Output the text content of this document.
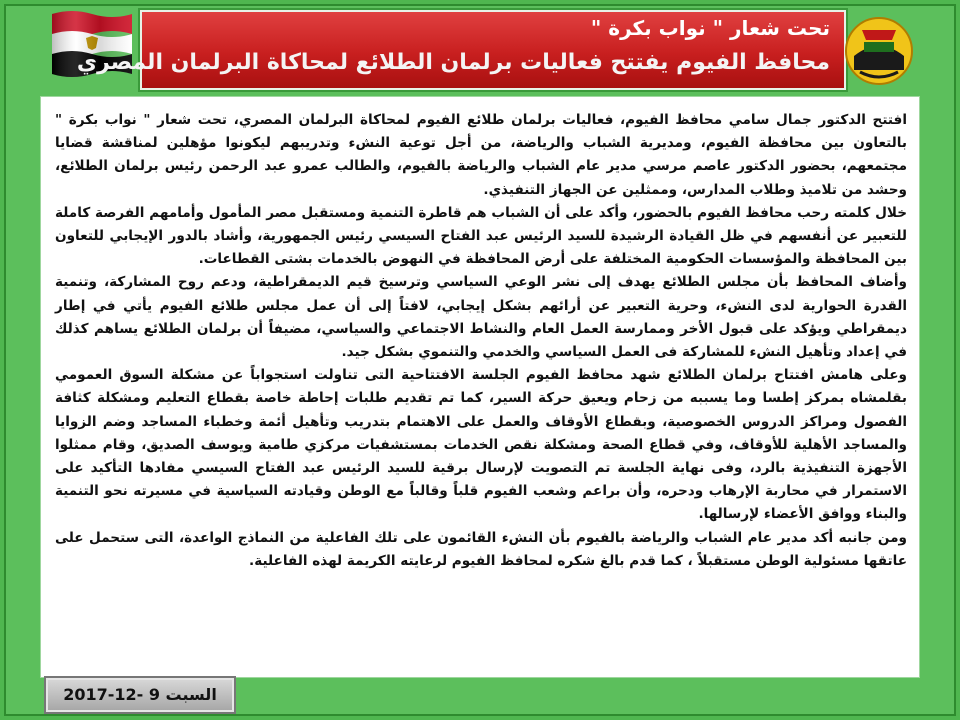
تحت شعار " نواب بكرة "
محافظ الفيوم يفتتح فعاليات برلمان الطلائع لمحاكاة البرلمان المصري

افتتح الدكتور جمال سامي محافظ الفيوم، فعاليات برلمان طلائع الفيوم لمحاكاة البرلمان المصري، تحت شعار " نواب بكرة " بالتعاون بين محافظة الفيوم، ومديرية الشباب والرياضة، من أجل توعية النشء وتدريبهم ليكونوا مؤهلين لمناقشة قضايا مجتمعهم، بحضور الدكتور عاصم مرسي مدير عام الشباب والرياضة بالفيوم، والطالب عمرو عبد الرحمن رئيس برلمان الطلائع، وحشد من تلاميذ وطلاب المدارس، وممثلين عن الجهاز التنفيذي.

خلال كلمته رحب محافظ الفيوم بالحضور، وأكد على أن الشباب هم قاطرة التنمية ومستقبل مصر المأمول وأمامهم الفرصة كاملة للتعبير عن أنفسهم في ظل القيادة الرشيدة للسيد الرئيس عبد الفتاح السيسي رئيس الجمهورية، وأشاد بالدور الإيجابي للتعاون بين المحافظة والمؤسسات الحكومية المختلفة على أرض المحافظة في النهوض بالخدمات بشتى القطاعات.

وأضاف المحافظ بأن مجلس الطلائع يهدف إلى نشر الوعي السياسي وترسيخ قيم الديمقراطية، ودعم روح المشاركة، وتنمية القدرة الحوارية لدى النشء، وحرية التعبير عن أرائهم بشكل إيجابي، لافتاً إلى أن عمل مجلس طلائع الفيوم يأتي في إطار ديمقراطي ويؤكد على قبول الأخر وممارسة العمل العام والنشاط الاجتماعي والسياسي، مضيفاً أن برلمان الطلائع يساهم كذلك في إعداد وتأهيل النشء للمشاركة فى العمل السياسي والخدمي والتنموي بشكل جيد.

وعلى هامش افتتاح برلمان الطلائع شهد محافظ الفيوم الجلسة الافتتاحية التى تناولت استجواباً عن مشكلة السوق العمومي بقلمشاه بمركز إطسا وما يسببه من زحام ويعيق حركة السير، كما تم تقديم طلبات إحاطة خاصة بقطاع التعليم ومشكلة كثافة الفصول ومراكز الدروس الخصوصية، وبقطاع الأوقاف والعمل على الاهتمام بتدريب وتأهيل أئمة وخطباء المساجد وضم الزوايا والمساجد الأهلية للأوقاف، وفي قطاع الصحة ومشكلة نقص الخدمات بمستشفيات مركزي طامية ويوسف الصديق، وقام ممثلوا الأجهزة التنفيذية بالرد، وفى نهاية الجلسة تم التصويت لإرسال برقية للسيد الرئيس عبد الفتاح السيسي مفادها التأكيد على الاستمرار في محاربة الإرهاب ودحره، وأن براعم وشعب الفيوم قلباً وقالباً مع الوطن وقيادته السياسية في مسيرته نحو التنمية والبناء ووافق الأعضاء لإرسالها.

ومن جانبه أكد مدير عام الشباب والرياضة بالفيوم بأن النشء القائمون على تلك الفاعلية من النماذج الواعدة، التى ستحمل على عاتقها مسئولية الوطن مستقبلاً ، كما قدم بالغ شكره لمحافظ الفيوم لرعايته الكريمة لهذه الفاعلية.

السبت 9 -12-2017
